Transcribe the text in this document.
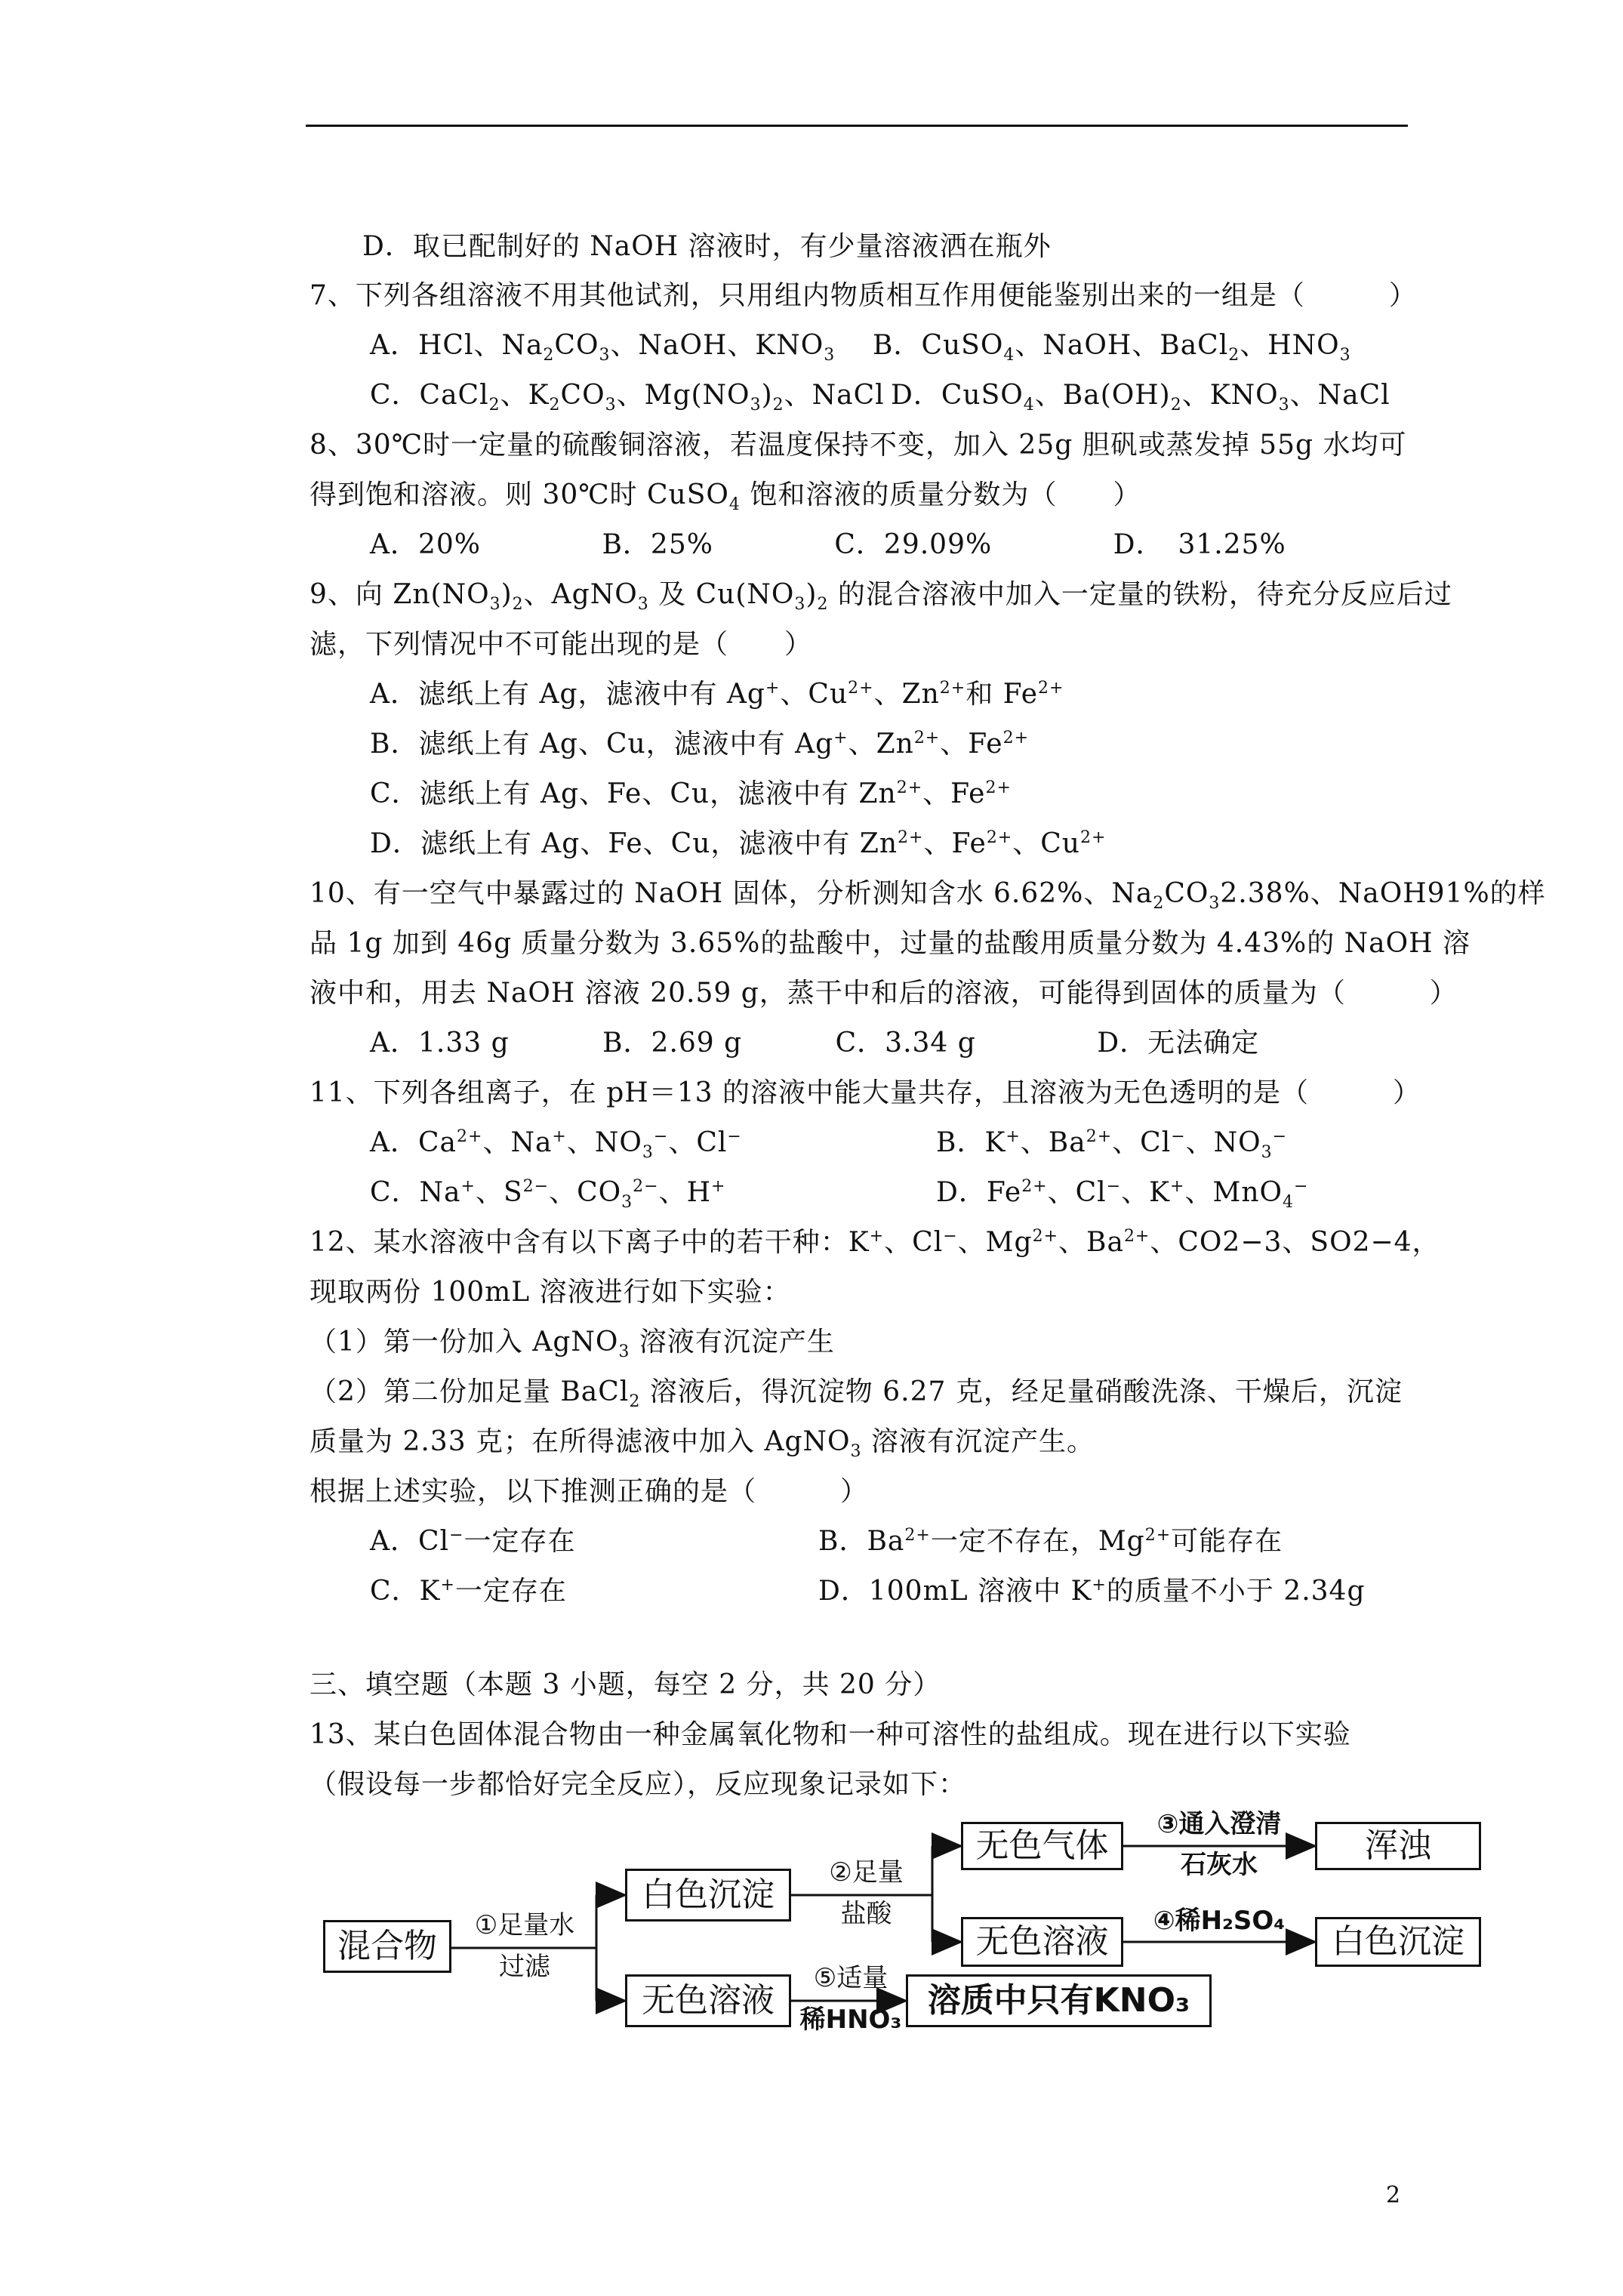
D．取已配制好的 NaOH 溶液时，有少量溶液洒在瓶外
7、下列各组溶液不用其他试剂，只用组内物质相互作用便能鉴别出来的一组是（　　　）
A．HCl、$Na_2CO_3$、NaOH、$KNO_3$ B．CuSO$_4$、NaOH、BaCl$_2$、$HNO_3$
C．CaCl$_2$、$K_2CO_3$、$Mg(NO_3)_2$、NaCl D．CuSO$_4$、$Ba(OH)_2$、$KNO_3$、NaCl
8、30℃时一定量的硫酸铜溶液，若温度保持不变，加入 25g 胆矾或蒸发掉 55g 水均可
得到饱和溶液。则 30℃时 CuSO$_4$ 饱和溶液的质量分数为（　　）
A．20%　　　　 B．25%　　　　 C．29.09%　　　　 D．　31.25%
9、向 $Zn(NO_3)_2$、AgNO$_3$ 及 $Cu(NO_3)_2$ 的混合溶液中加入一定量的铁粉，待充分反应后过
滤，下列情况中不可能出现的是（　　）
A．滤纸上有 Ag，滤液中有 Ag+、$Cu^{2+}$、$Zn^{2+}$和 $Fe^{2+}$
B．滤纸上有 Ag、Cu，滤液中有 Ag+、$Zn^{2+}$、$Fe^{2+}$
C．滤纸上有 Ag、Fe、Cu，滤液中有 $Zn^{2+}$、$Fe^{2+}$
D．滤纸上有 Ag、Fe、Cu，滤液中有 $Zn^{2+}$、$Fe^{2+}$、$Cu^{2+}$
10、有一空气中暴露过的 NaOH 固体，分析测知含水 6.62%、$Na_2CO_32.38\%$、NaOH91%的样
品 1g 加到 46g 质量分数为 3.65%的盐酸中，过量的盐酸用质量分数为 4.43%的 NaOH 溶
液中和，用去 NaOH 溶液 20.59 g，蒸干中和后的溶液，可能得到固体的质量为（　　　）
A．1.33 g　　　 B．2.69 g　　　 C．3.34 g　　　　 D．无法确定
11、下列各组离子，在 pH＝13 的溶液中能大量共存，且溶液为无色透明的是（　　　）
A．$Ca^{2+}$、Na+、$NO_3^-$、Cl−	B．K+、$Ba^{2+}$、Cl−、$NO_3^-$
C．Na+、$S^{2-}$、$CO_3^{2-}$、H+	D．$Fe^{2+}$、Cl−、K+、MnO$_4$−
12、某水溶液中含有以下离子中的若干种：K+、Cl−、$Mg^{2+}$、$Ba^{2+}$、CO2−3、SO2−4，
现取两份 100mL 溶液进行如下实验：
（1）第一份加入 AgNO$_3$ 溶液有沉淀产生
（2）第二份加足量 BaCl$_2$ 溶液后，得沉淀物 6.27 克，经足量硝酸洗涤、干燥后，沉淀
质量为 2.33 克；在所得滤液中加入 AgNO$_3$ 溶液有沉淀产生。
根据上述实验，以下推测正确的是（　　　）
A．Cl−一定存在	B．$Ba^{2+}$一定不存在，$Mg^{2+}$可能存在
C．K+一定存在	D．100mL 溶液中 K+的质量不小于 2.34g
三、填空题（本题 3 小题，每空 2 分，共 20 分）
13、某白色固体混合物由一种金属氧化物和一种可溶性的盐组成。现在进行以下实验
（假设每一步都恰好完全反应），反应现象记录如下：
混合物
白色沉淀
无色溶液
无色气体
无色溶液
溶质中只有KNO₃
浑浊
白色沉淀
①足量水
过滤
②足量
盐酸
③通入澄清
石灰水
④稀H₂SO₄
⑤适量
稀HNO₃
2
